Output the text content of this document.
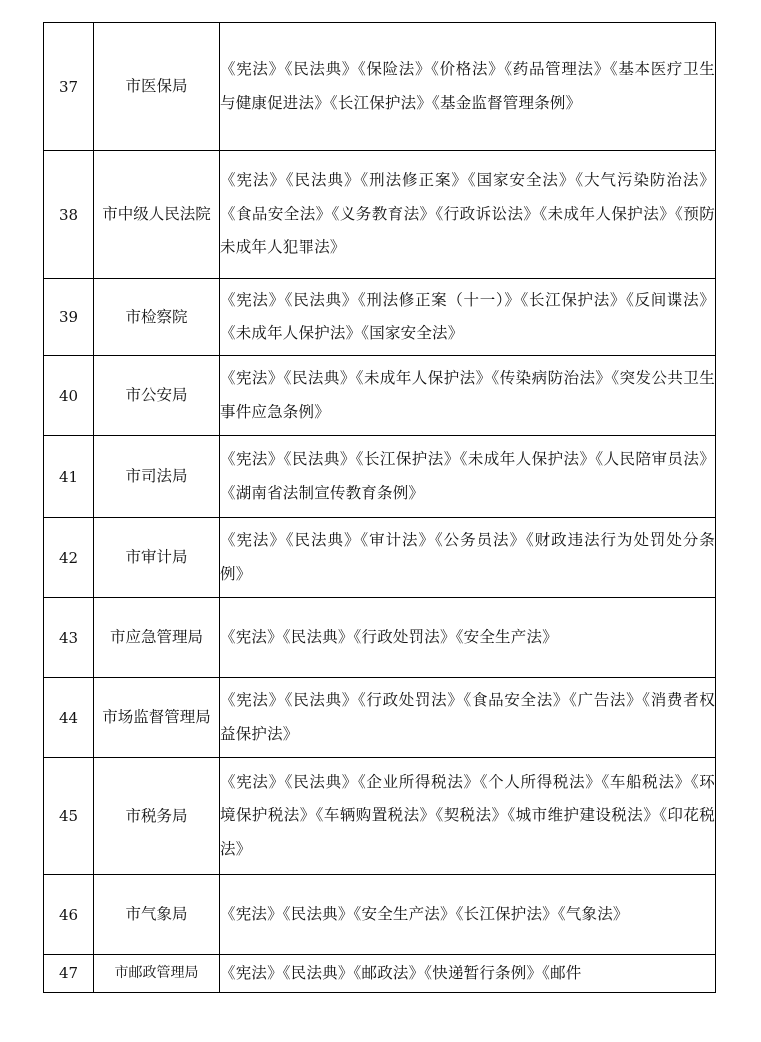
37	市医保局	《宪法》《民法典》《保险法》《价格法》《药品管理法》《基本医疗卫生与健康促进法》《长江保护法》《基金监督管理条例》
38	市中级人民法院	《宪法》《民法典》《刑法修正案》《国家安全法》《大气污染防治法》《食品安全法》《义务教育法》《行政诉讼法》《未成年人保护法》《预防未成年人犯罪法》
39	市检察院	《宪法》《民法典》《刑法修正案（十一）》《长江保护法》《反间谍法》《未成年人保护法》《国家安全法》
40	市公安局	《宪法》《民法典》《未成年人保护法》《传染病防治法》《突发公共卫生事件应急条例》
41	市司法局	《宪法》《民法典》《长江保护法》《未成年人保护法》《人民陪审员法》《湖南省法制宣传教育条例》
42	市审计局	《宪法》《民法典》《审计法》《公务员法》《财政违法行为处罚处分条例》
43	市应急管理局	《宪法》《民法典》《行政处罚法》《安全生产法》
44	市场监督管理局	《宪法》《民法典》《行政处罚法》《食品安全法》《广告法》《消费者权益保护法》
45	市税务局	《宪法》《民法典》《企业所得税法》《个人所得税法》《车船税法》《环境保护税法》《车辆购置税法》《契税法》《城市维护建设税法》《印花税法》
46	市气象局	《宪法》《民法典》《安全生产法》《长江保护法》《气象法》
47	市邮政管理局	《宪法》《民法典》《邮政法》《快递暂行条例》《邮件
